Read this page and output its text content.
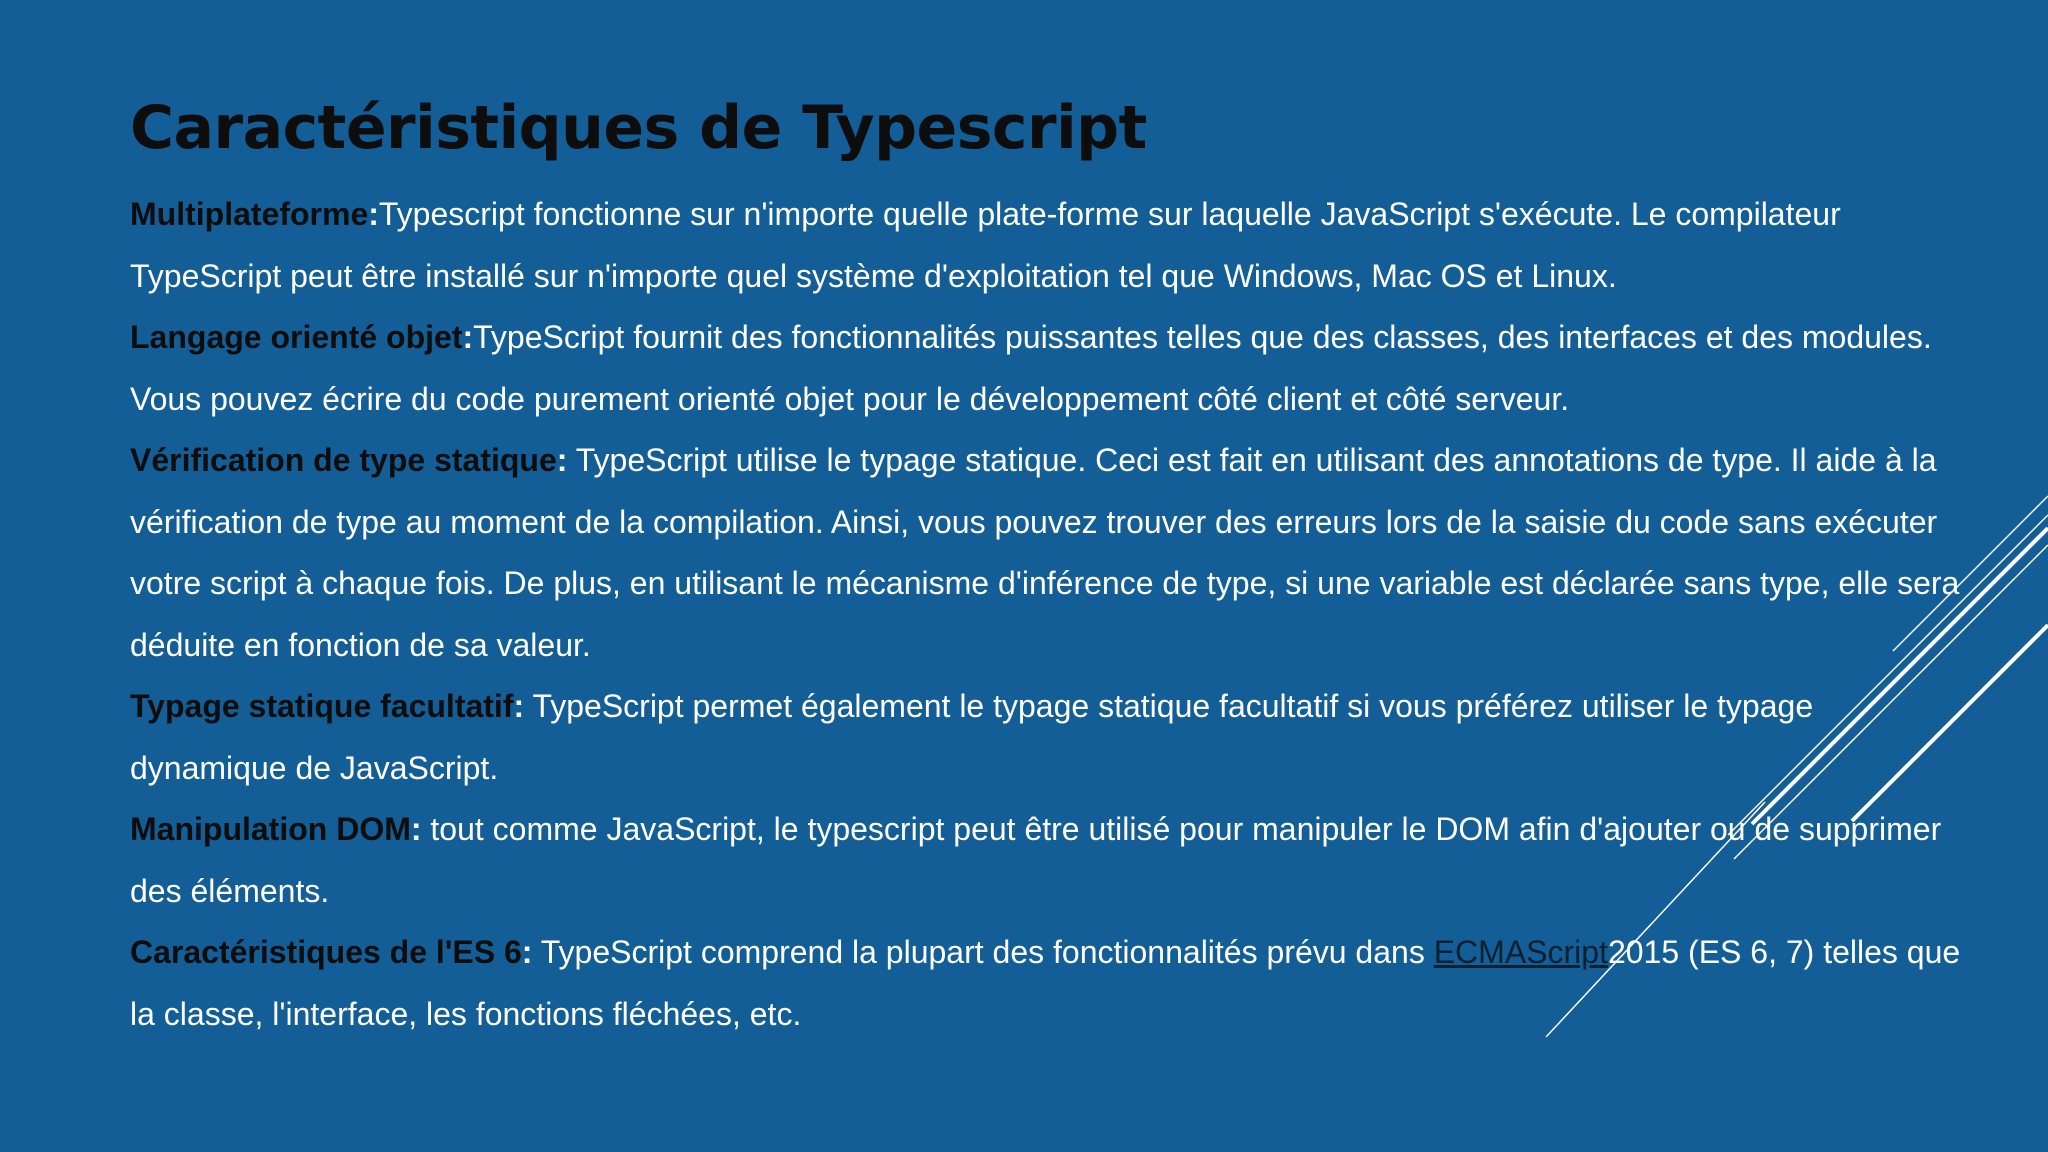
Caractéristiques de Typescript

Multiplateforme:Typescript fonctionne sur n'importe quelle plate-forme sur laquelle JavaScript s'exécute. Le compilateur TypeScript peut être installé sur n'importe quel système d'exploitation tel que Windows, Mac OS et Linux.

Langage orienté objet:TypeScript fournit des fonctionnalités puissantes telles que des classes, des interfaces et des modules. Vous pouvez écrire du code purement orienté objet pour le développement côté client et côté serveur.

Vérification de type statique: TypeScript utilise le typage statique. Ceci est fait en utilisant des annotations de type. Il aide à la vérification de type au moment de la compilation. Ainsi, vous pouvez trouver des erreurs lors de la saisie du code sans exécuter votre script à chaque fois. De plus, en utilisant le mécanisme d'inférence de type, si une variable est déclarée sans type, elle sera déduite en fonction de sa valeur.

Typage statique facultatif: TypeScript permet également le typage statique facultatif si vous préférez utiliser le typage dynamique de JavaScript.

Manipulation DOM: tout comme JavaScript, le typescript peut être utilisé pour manipuler le DOM afin d'ajouter ou de supprimer des éléments.

Caractéristiques de l'ES 6: TypeScript comprend la plupart des fonctionnalités prévu dans ECMAScript2015 (ES 6, 7) telles que la classe, l'interface, les fonctions fléchées, etc.
